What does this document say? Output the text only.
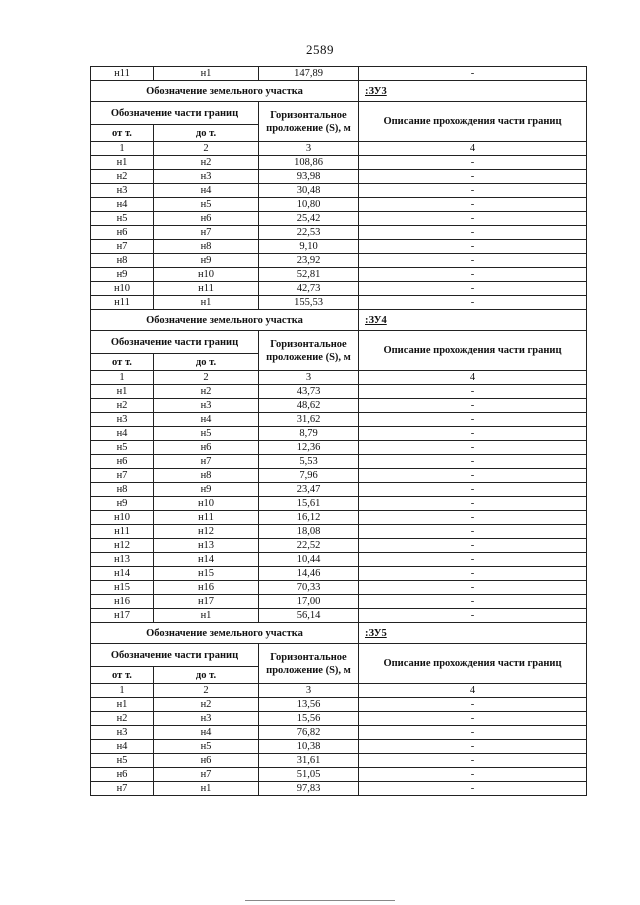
2589
н11	н1	147,89	-
Обозначение земельного участка			:ЗУ3
Обозначение части границ		Горизонтальное проложение (S), м	Описание прохождения части границ
от т.	до т.		
1	2	3	4
н1	н2	108,86	-
н2	н3	93,98	-
н3	н4	30,48	-
н4	н5	10,80	-
н5	н6	25,42	-
н6	н7	22,53	-
н7	н8	9,10	-
н8	н9	23,92	-
н9	н10	52,81	-
н10	н11	42,73	-
н11	н1	155,53	-
Обозначение земельного участка			:ЗУ4
Обозначение части границ		Горизонтальное проложение (S), м	Описание прохождения части границ
от т.	до т.		
1	2	3	4
н1	н2	43,73	-
н2	н3	48,62	-
н3	н4	31,62	-
н4	н5	8,79	-
н5	н6	12,36	-
н6	н7	5,53	-
н7	н8	7,96	-
н8	н9	23,47	-
н9	н10	15,61	-
н10	н11	16,12	-
н11	н12	18,08	-
н12	н13	22,52	-
н13	н14	10,44	-
н14	н15	14,46	-
н15	н16	70,33	-
н16	н17	17,00	-
н17	н1	56,14	-
Обозначение земельного участка			:ЗУ5
Обозначение части границ		Горизонтальное проложение (S), м	Описание прохождения части границ
от т.	до т.		
1	2	3	4
н1	н2	13,56	-
н2	н3	15,56	-
н3	н4	76,82	-
н4	н5	10,38	-
н5	н6	31,61	-
н6	н7	51,05	-
н7	н1	97,83	-
